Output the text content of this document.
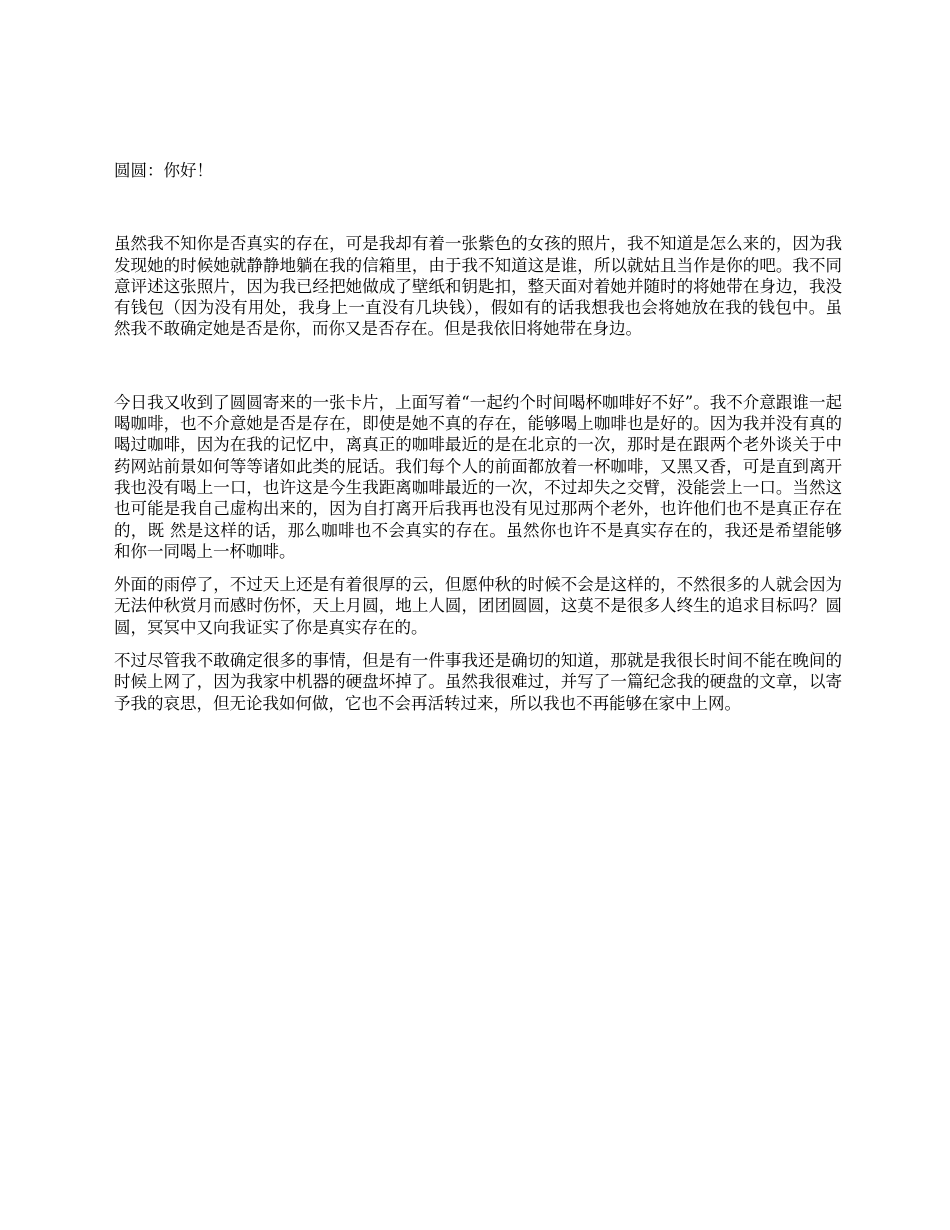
圆圆：你好！

虽然我不知你是否真实的存在，可是我却有着一张紫色的女孩的照片，我不知道是怎么来的，因为我发现她的时候她就静静地躺在我的信箱里，由于我不知道这是谁，所以就姑且当作是你的吧。我不同意评述这张照片，因为我已经把她做成了壁纸和钥匙扣，整天面对着她并随时的将她带在身边，我没有钱包（因为没有用处，我身上一直没有几块钱），假如有的话我想我也会将她放在我的钱包中。虽然我不敢确定她是否是你，而你又是否存在。但是我依旧将她带在身边。

今日我又收到了圆圆寄来的一张卡片，上面写着“一起约个时间喝杯咖啡好不好”。我不介意跟谁一起喝咖啡，也不介意她是否是存在，即使是她不真的存在，能够喝上咖啡也是好的。因为我并没有真的喝过咖啡，因为在我的记忆中，离真正的咖啡最近的是在北京的一次，那时是在跟两个老外谈关于中药网站前景如何等等诸如此类的屁话。我们每个人的前面都放着一杯咖啡，又黑又香，可是直到离开我也没有喝上一口，也许这是今生我距离咖啡最近的一次，不过却失之交臂，没能尝上一口。当然这也可能是我自己虚构出来的，因为自打离开后我再也没有见过那两个老外，也许他们也不是真正存在的，既 然是这样的话，那么咖啡也不会真实的存在。虽然你也许不是真实存在的，我还是希望能够和你一同喝上一杯咖啡。

外面的雨停了，不过天上还是有着很厚的云，但愿仲秋的时候不会是这样的，不然很多的人就会因为无法仲秋赏月而感时伤怀，天上月圆，地上人圆，团团圆圆，这莫不是很多人终生的追求目标吗？圆圆，冥冥中又向我证实了你是真实存在的。

不过尽管我不敢确定很多的事情，但是有一件事我还是确切的知道，那就是我很长时间不能在晚间的时候上网了，因为我家中机器的硬盘坏掉了。虽然我很难过，并写了一篇纪念我的硬盘的文章，以寄予我的哀思，但无论我如何做，它也不会再活转过来，所以我也不再能够在家中上网。
